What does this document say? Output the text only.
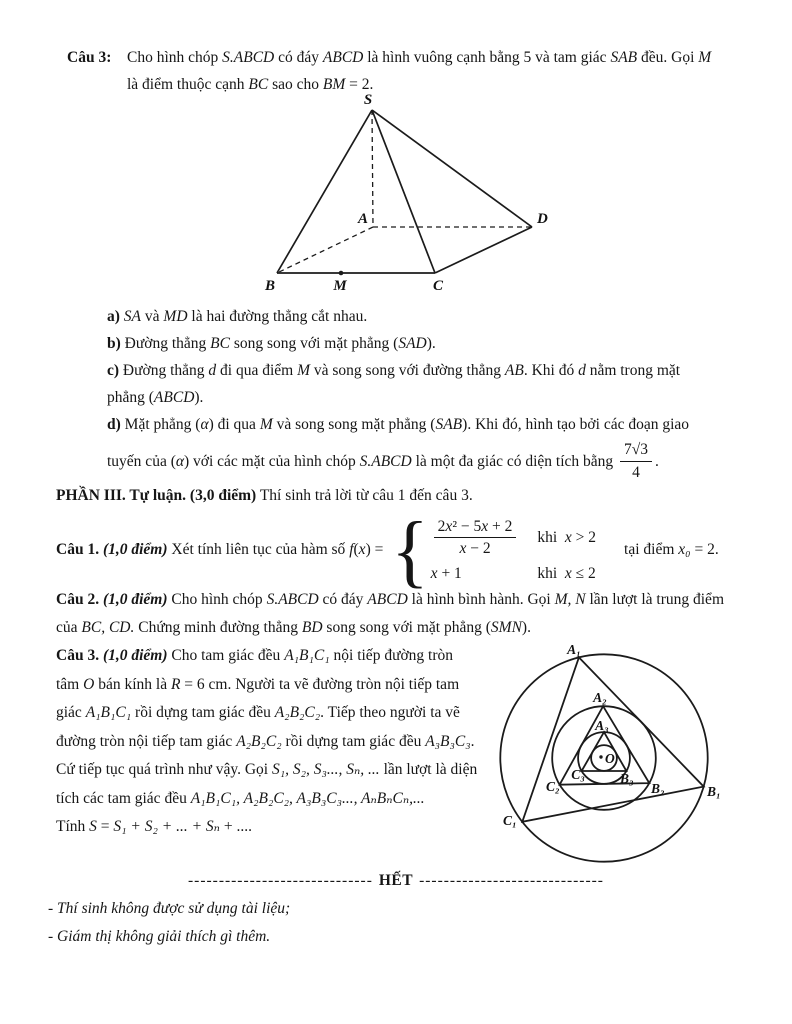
Câu 3: Cho hình chóp S.ABCD có đáy ABCD là hình vuông cạnh bằng 5 và tam giác SAB đều. Gọi M
là điểm thuộc cạnh BC sao cho BM = 2.
S
A	D
B	C
M
a) SA và MD là hai đường thẳng cắt nhau.
b) Đường thẳng BC song song với mặt phẳng (SAD).
c) Đường thẳng d đi qua điểm M và song song với đường thẳng AB. Khi đó d nằm trong mặt
phẳng (ABCD).
d) Mặt phẳng (α) đi qua M và song song mặt phẳng (SAB). Khi đó, hình tạo bởi các đoạn giao
tuyến của ( α ) với các mặt của hình chóp S.ABCD là một đa giác có diện tích bằng $\frac{7√3}{4}$ .
PHẦN III. Tự luận. (3,0 điểm) Thí sinh trả lời từ câu 1 đến câu 3.
Câu 1. (1,0 điểm) Xét tính liên tục của hàm số f(x) = { $\frac{\text{2x² − 5x + 2}}{x - 2}$ khi  x > 2
x + 1	khi  x ≤ 2
tại điểm x₀ = 2.
Câu 2. (1,0 điểm) Cho hình chóp S.ABCD có đáy ABCD là hình bình hành. Gọi M, N lần lượt là trung điểm
của BC, CD. Chứng minh đường thẳng BD song song với mặt phẳng (SMN).
Câu 3. (1,0 điểm) Cho tam giác đều A₁B₁C₁ nội tiếp đường tròn
tâm O bán kính là R = 6 cm. Người ta vẽ đường tròn nội tiếp tam
giác A₁B₁C₁ rồi dựng tam giác đều A₂B₂C₂. Tiếp theo người ta vẽ
đường tròn nội tiếp tam giác A₂B₂C₂ rồi dựng tam giác đều A₃B₃C₃.
Cứ tiếp tục quá trình như vậy. Gọi S₁, S₂, S₃..., Sₙ, ... lần lượt là diện
tích các tam giác đều A₁B₁C₁, A₂B₂C₂, A₃B₃C₃..., AₙBₙCₙ,...
Tính S = S₁ + S₂ + ... + Sₙ + ....
A₁
B₁
C₁
A₂
B₂
C₂
A₃
B₃
C₃
O
------------------------------ HẾT ------------------------------
- Thí sinh không được sử dụng tài liệu;
- Giám thị không giải thích gì thêm.
